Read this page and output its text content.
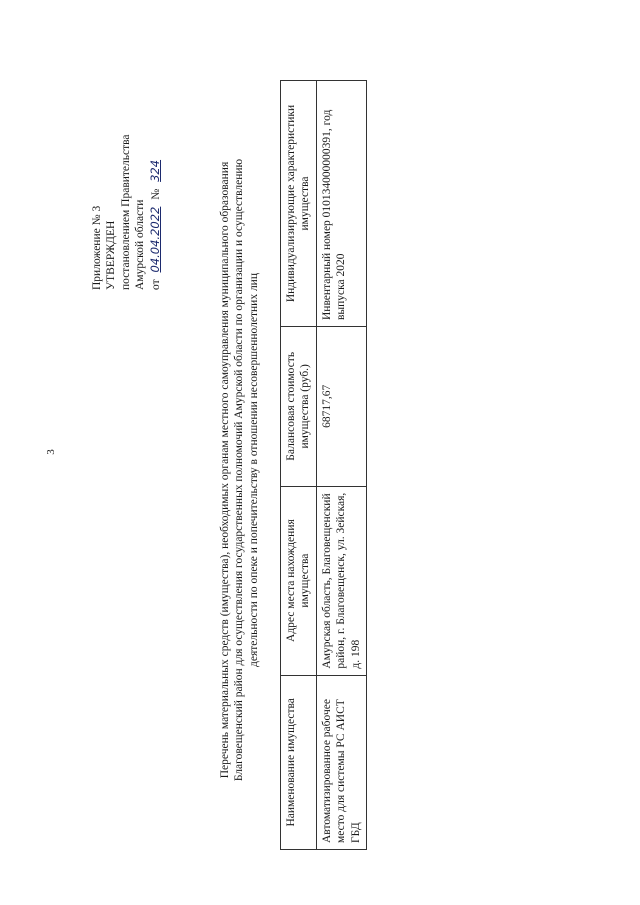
3
Приложение № 3 УТВЕРЖДЕН постановлением Правительства Амурской области от 04.04.2022 № 324	Перечень материальных средств (имущества), необходимых органам местного самоуправления муниципального образования Благовещенский район для осуществления государственных полномочий Амурской области по организации и осуществлению деятельности по опеке и попечительству в отношении несовершеннолетних лиц
Наименование имущества	Адрес места нахождения имущества	Балансовая стоимость имущества (руб.)	Индивидуализирующие характеристики имущества
Автоматизированное рабочее место для системы РС АИСТ ГБД	Амурская область, Благовещенский район, г. Благовещенск, ул. Зейская, д. 198	68717,67	Инвентарный номер 010134000000391, год выпуска 2020
